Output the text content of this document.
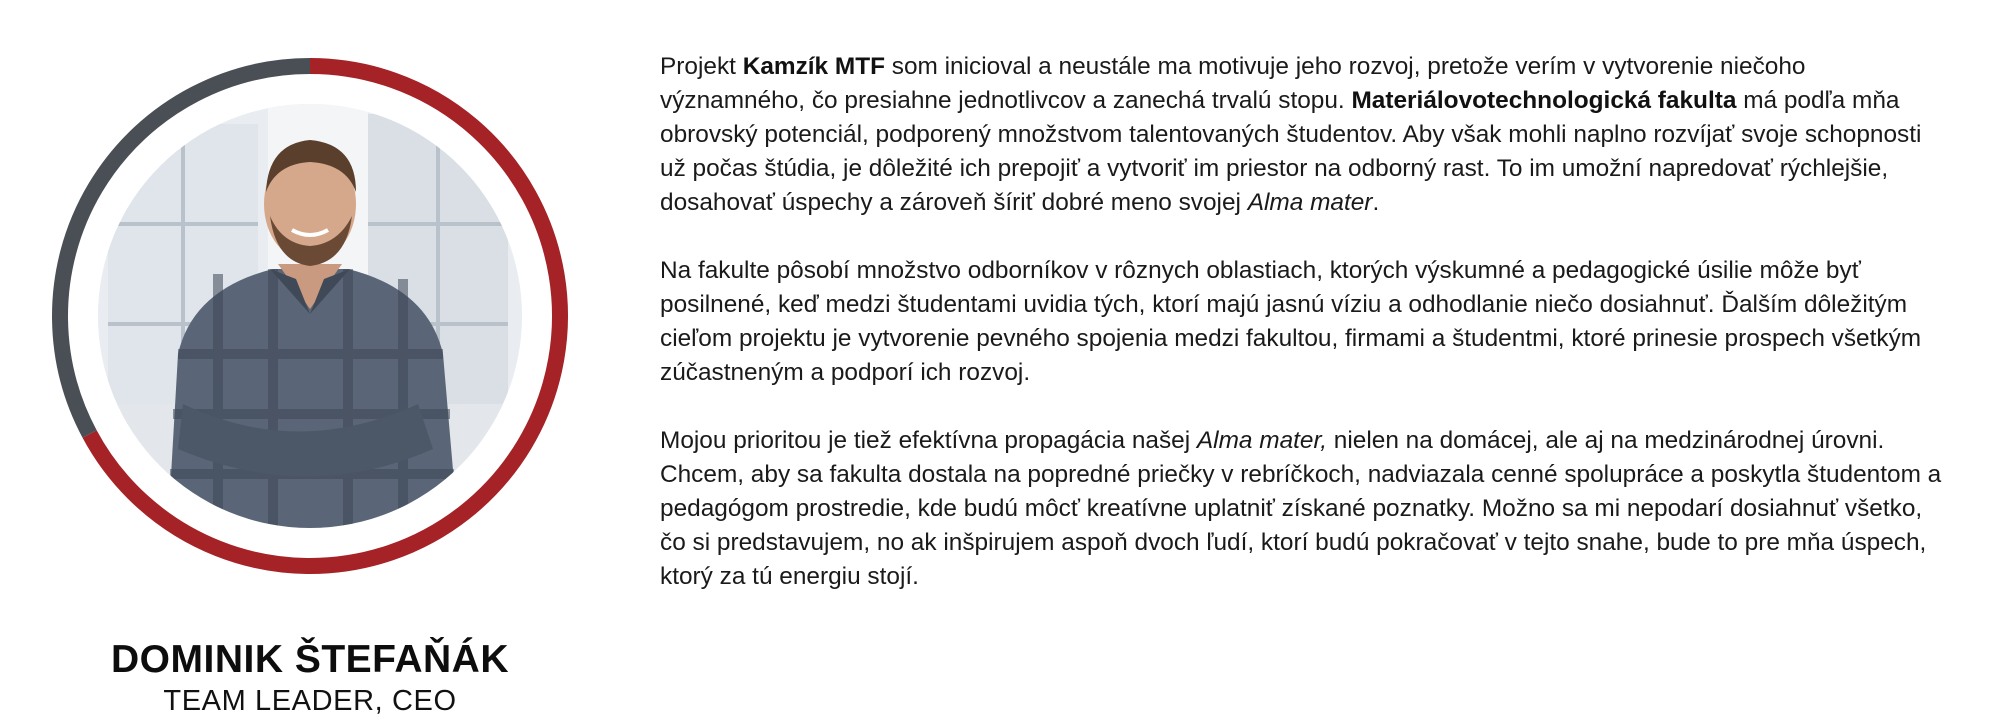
DOMINIK ŠTEFAŇÁK
TEAM LEADER, CEO

Projekt Kamzík MTF som inicioval a neustále ma motivuje jeho rozvoj, pretože verím v vytvorenie niečoho významného, čo presiahne jednotlivcov a zanechá trvalú stopu. Materiálovotechnologická fakulta má podľa mňa obrovský potenciál, podporený množstvom talentovaných študentov. Aby však mohli naplno rozvíjať svoje schopnosti už počas štúdia, je dôležité ich prepojiť a vytvoriť im priestor na odborný rast. To im umožní napredovať rýchlejšie, dosahovať úspechy a zároveň šíriť dobré meno svojej Alma mater.

Na fakulte pôsobí množstvo odborníkov v rôznych oblastiach, ktorých výskumné a pedagogické úsilie môže byť posilnené, keď medzi študentami uvidia tých, ktorí majú jasnú víziu a odhodlanie niečo dosiahnuť. Ďalším dôležitým cieľom projektu je vytvorenie pevného spojenia medzi fakultou, firmami a študentmi, ktoré prinesie prospech všetkým zúčastneným a podporí ich rozvoj.

Mojou prioritou je tiež efektívna propagácia našej Alma mater, nielen na domácej, ale aj na medzinárodnej úrovni. Chcem, aby sa fakulta dostala na popredné priečky v rebríčkoch, nadviazala cenné spolupráce a poskytla študentom a pedagógom prostredie, kde budú môcť kreatívne uplatniť získané poznatky. Možno sa mi nepodarí dosiahnuť všetko, čo si predstavujem, no ak inšpirujem aspoň dvoch ľudí, ktorí budú pokračovať v tejto snahe, bude to pre mňa úspech, ktorý za tú energiu stojí.
